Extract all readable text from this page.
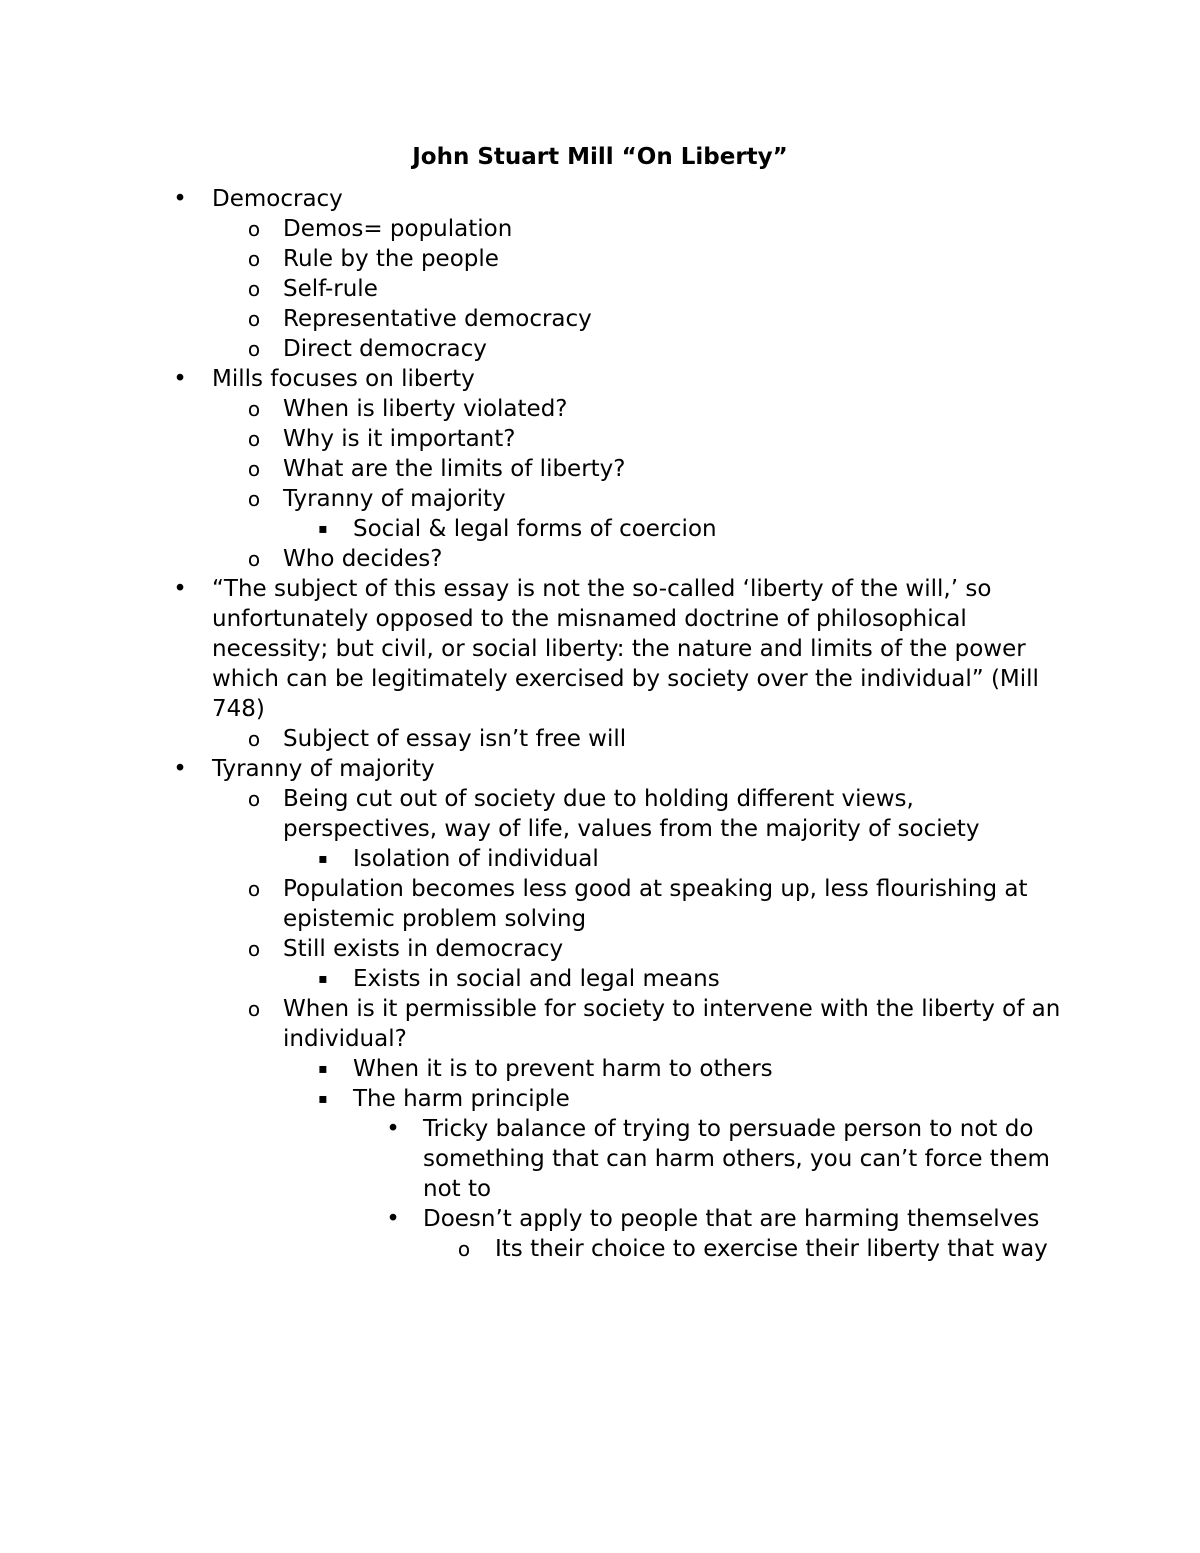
John Stuart Mill “On Liberty”
• Democracy
o Demos= population
o Rule by the people
o Self-rule
o Representative democracy
o Direct democracy
• Mills focuses on liberty
o When is liberty violated?
o Why is it important?
o What are the limits of liberty?
o Tyranny of majority
▪	Social & legal forms of coercion
o Who decides?
• “The subject of this essay is not the so-called ‘liberty of the will,’ so unfortunately opposed to the misnamed doctrine of philosophical necessity; but civil, or social liberty: the nature and limits of the power which can be legitimately exercised by society over the individual” (Mill 748)
o Subject of essay isn’t free will
• Tyranny of majority
o Being cut out of society due to holding different views, perspectives, way of life, values from the majority of society
▪	Isolation of individual
o Population becomes less good at speaking up, less flourishing at epistemic problem solving
o Still exists in democracy
▪	Exists in social and legal means
o When is it permissible for society to intervene with the liberty of an individual?
▪	When it is to prevent harm to others
▪	The harm principle
• Tricky balance of trying to persuade person to not do something that can harm others, you can’t force them not to
• Doesn’t apply to people that are harming themselves
o Its their choice to exercise their liberty that way
